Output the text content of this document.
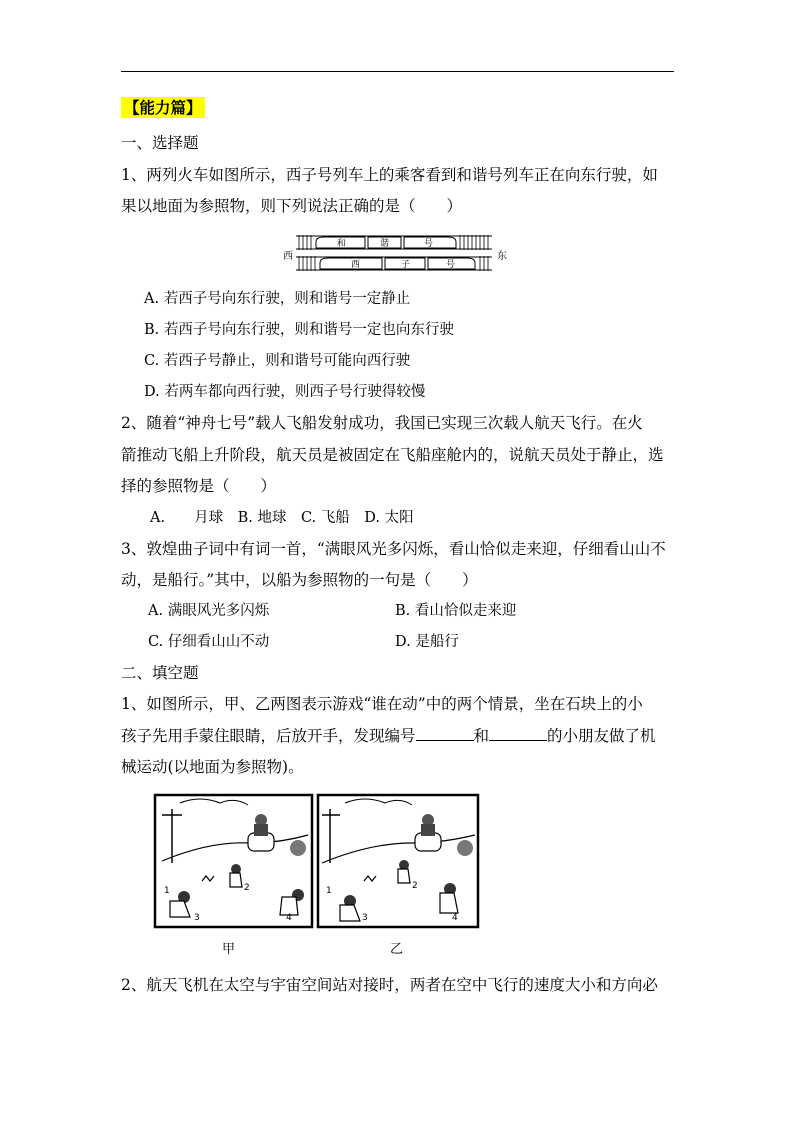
【能力篇】
一、选择题
1、两列火车如图所示，西子号列车上的乘客看到和谐号列车正在向东行驶，如
果以地面为参照物，则下列说法正确的是（　　）
西	东
和	谐	号
西	子	号
A. 若西子号向东行驶，则和谐号一定静止
B. 若西子号向东行驶，则和谐号一定也向东行驶
C. 若西子号静止，则和谐号可能向西行驶
D. 若两车都向西行驶，则西子号行驶得较慢
2、随着“神舟七号”载人飞船发射成功，我国已实现三次载人航天飞行。在火
箭推动飞船上升阶段，航天员是被固定在飞船座舱内的，说航天员处于静止，选
择的参照物是（　　）
A.　　月球　B. 地球　C. 飞船　D. 太阳
3、敦煌曲子词中有词一首，“满眼风光多闪烁，看山恰似走来迎，仔细看山山不
动，是船行。”其中，以船为参照物的一句是（　　）
A. 满眼风光多闪烁	B. 看山恰似走来迎
C. 仔细看山山不动	D. 是船行
二、填空题
1、如图所示，甲、乙两图表示游戏“谁在动”中的两个情景，坐在石块上的小
孩子先用手蒙住眼睛，后放开手，发现编号	和	的小朋友做了机
械运动(以地面为参照物)。
1	2
3	4
1	2
3	4
甲	乙
2、航天飞机在太空与宇宙空间站对接时，两者在空中飞行的速度大小和方向必
